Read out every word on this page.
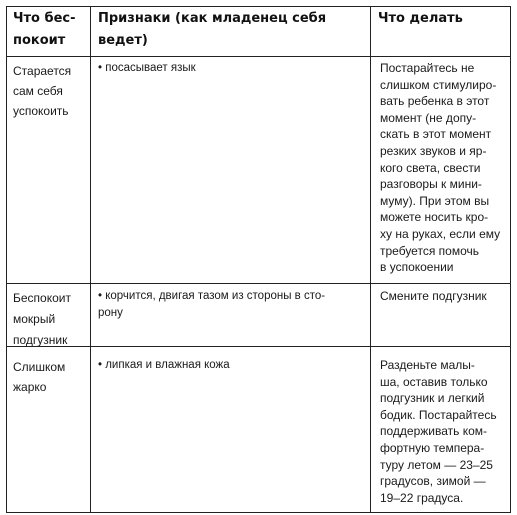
Что бес-
покоит
Признаки (как младенец себя
ведет)
Что делать
Старается
сам себя
успокоить
• посасывает язык	Постарайтесь не
слишком стимулиро-
вать ребенка в этот
момент (не допу-
скать в этот момент
резких звуков и яр-
кого света, свести
разговоры к мини-
муму). При этом вы
можете носить кро-
ху на руках, если ему
требуется помочь
в успокоении
Беспокоит
мокрый
подгузник
• корчится, двигая тазом из стороны в сто-
рону
Смените подгузник
Слишком
жарко
• липкая и влажная кожа	Разденьте малы-
ша, оставив только
подгузник и легкий
бодик. Постарайтесь
поддерживать ком-
фортную темпера-
туру летом — 23–25
градусов, зимой —
19–22 градуса.
